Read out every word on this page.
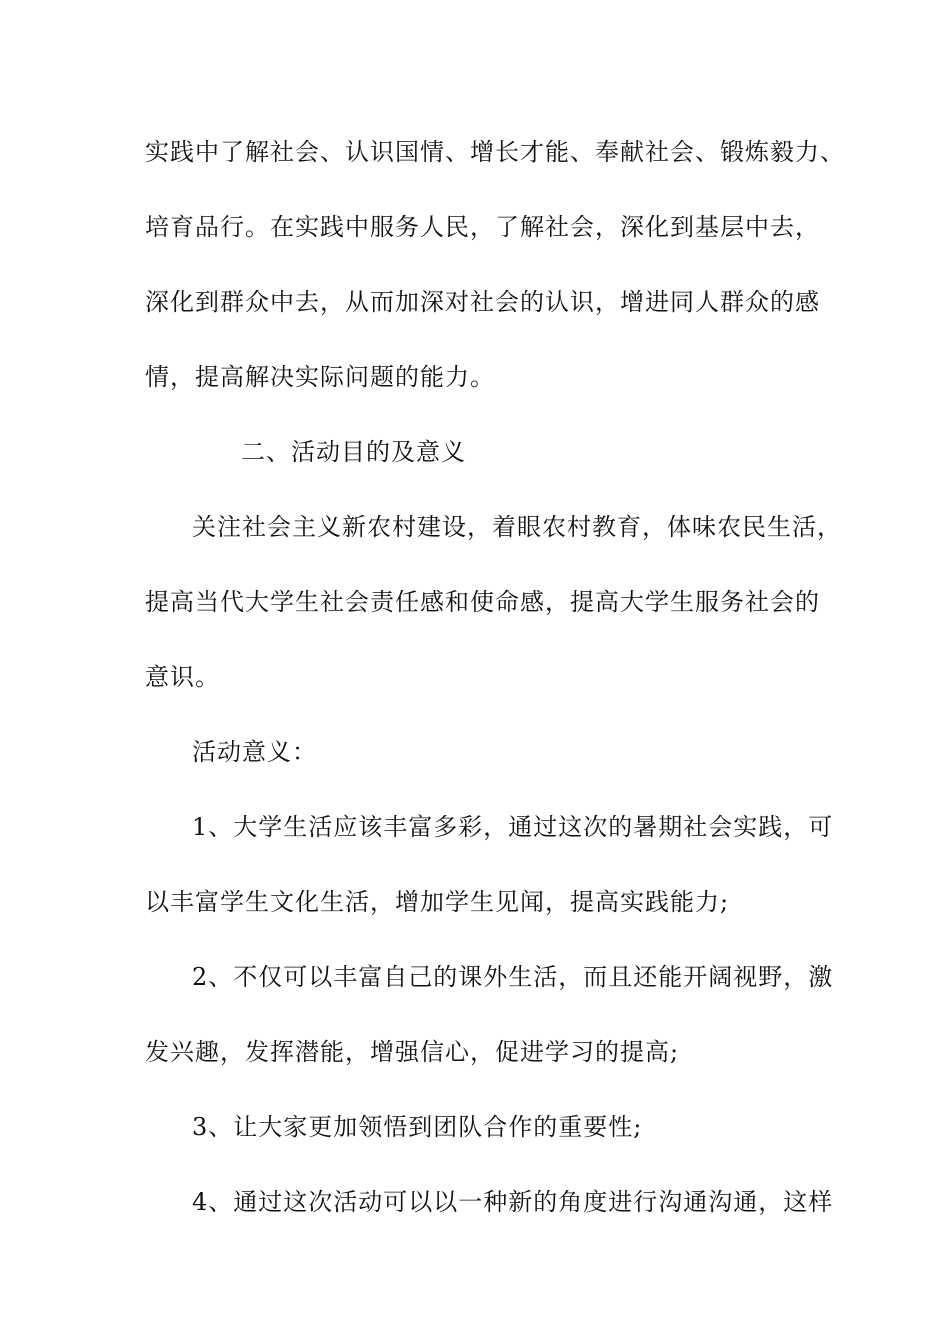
实践中了解社会、认识国情、增长才能、奉献社会、锻炼毅力、
培育品行。在实践中服务人民，了解社会，深化到基层中去，
深化到群众中去，从而加深对社会的认识，增进同人群众的感
情，提高解决实际问题的能力。
二、活动目的及意义
关注社会主义新农村建设，着眼农村教育，体味农民生活，
提高当代大学生社会责任感和使命感，提高大学生服务社会的
意识。
活动意义：
1、大学生活应该丰富多彩，通过这次的暑期社会实践，可
以丰富学生文化生活，增加学生见闻，提高实践能力;
2、不仅可以丰富自己的课外生活，而且还能开阔视野，激
发兴趣，发挥潜能，增强信心，促进学习的提高;
3、让大家更加领悟到团队合作的重要性;
4、通过这次活动可以以一种新的角度进行沟通沟通，这样
